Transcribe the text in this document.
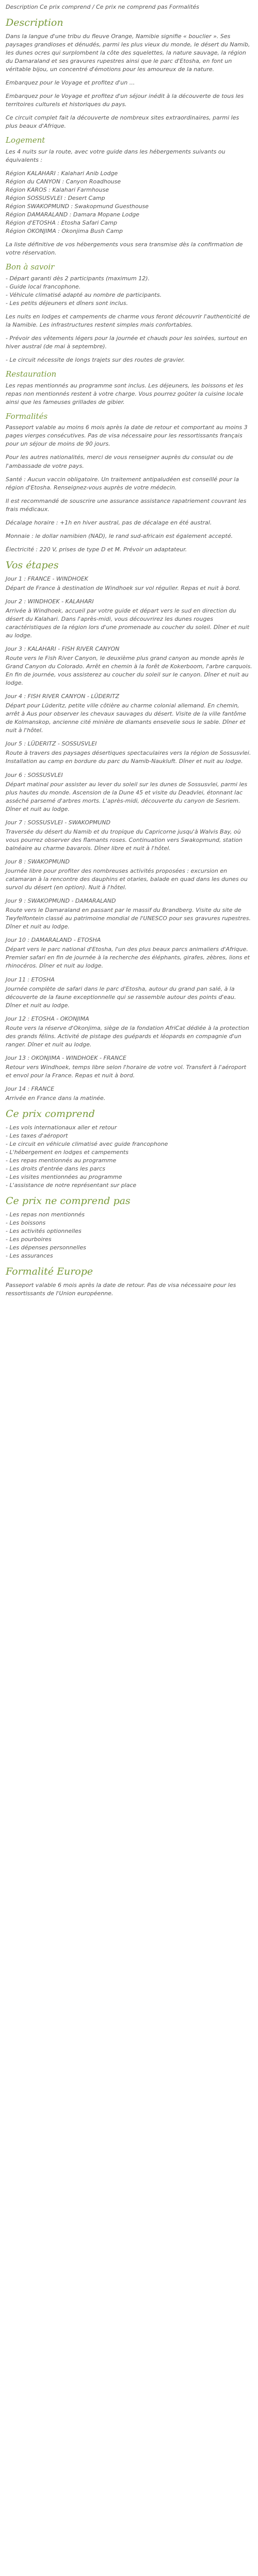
Description Ce prix comprend / Ce prix ne comprend pas Formalités

Description

Dans la langue d'une tribu du fleuve Orange, Namibie signifie « bouclier ». Ses paysages grandioses et dénudés, parmi les plus vieux du monde, le désert du Namib, les dunes ocres qui surplombent la côte des squelettes, la nature sauvage, la région du Damaraland et ses gravures rupestres ainsi que le parc d'Etosha, en font un véritable bijou, un concentré d'émotions pour les amoureux de la nature.

Embarquez pour le Voyage et profitez d'un ...

Embarquez pour le Voyage et profitez d'un séjour inédit à la découverte de tous les territoires culturels et historiques du pays.

Ce circuit complet fait la découverte de nombreux sites extraordinaires, parmi les plus beaux d'Afrique.

Logement

Les 4 nuits sur la route, avec votre guide dans les hébergements suivants ou équivalents :

Région KALAHARI : Kalahari Anib Lodge
Région du CANYON : Canyon Roadhouse
Région KAROS : Kalahari Farmhouse
Région SOSSUSVLEI : Desert Camp
Région SWAKOPMUND : Swakopmund Guesthouse
Région DAMARALAND : Damara Mopane Lodge
Région d'ETOSHA : Etosha Safari Camp
Région OKONJIMA : Okonjima Bush Camp

La liste définitive de vos hébergements vous sera transmise dès la confirmation de votre réservation.

Bon à savoir
- Départ garanti dès 2 participants (maximum 12).
- Guide local francophone.
- Véhicule climatisé adapté au nombre de participants.
- Les petits déjeuners et dîners sont inclus.

Les nuits en lodges et campements de charme vous feront découvrir l'authenticité de la Namibie. Les infrastructures restent simples mais confortables.

- Prévoir des vêtements légers pour la journée et chauds pour les soirées, surtout en hiver austral (de mai à septembre).

- Le circuit nécessite de longs trajets sur des routes de gravier.

Restauration

Les repas mentionnés au programme sont inclus. Les déjeuners, les boissons et les repas non mentionnés restent à votre charge. Vous pourrez goûter la cuisine locale ainsi que les fameuses grillades de gibier.

Formalités

Passeport valable au moins 6 mois après la date de retour et comportant au moins 3 pages vierges consécutives. Pas de visa nécessaire pour les ressortissants français pour un séjour de moins de 90 jours.

Pour les autres nationalités, merci de vous renseigner auprès du consulat ou de l'ambassade de votre pays.

Santé : Aucun vaccin obligatoire. Un traitement antipaludéen est conseillé pour la région d'Etosha. Renseignez-vous auprès de votre médecin.

Il est recommandé de souscrire une assurance assistance rapatriement couvrant les frais médicaux.

Décalage horaire : +1h en hiver austral, pas de décalage en été austral.

Monnaie : le dollar namibien (NAD), le rand sud-africain est également accepté.

Électricité : 220 V, prises de type D et M. Prévoir un adaptateur.

Vos étapes

Jour 1 : FRANCE - WINDHOEK

Départ de France à destination de Windhoek sur vol régulier. Repas et nuit à bord.

Jour 2 : WINDHOEK - KALAHARI

Arrivée à Windhoek, accueil par votre guide et départ vers le sud en direction du désert du Kalahari. Dans l'après-midi, vous découvrirez les dunes rouges caractéristiques de la région lors d'une promenade au coucher du soleil. Dîner et nuit au lodge.

Jour 3 : KALAHARI - FISH RIVER CANYON

Route vers le Fish River Canyon, le deuxième plus grand canyon au monde après le Grand Canyon du Colorado. Arrêt en chemin à la forêt de Kokerboom, l'arbre carquois. En fin de journée, vous assisterez au coucher du soleil sur le canyon. Dîner et nuit au lodge.

Jour 4 : FISH RIVER CANYON - LÜDERITZ

Départ pour Lüderitz, petite ville côtière au charme colonial allemand. En chemin, arrêt à Aus pour observer les chevaux sauvages du désert. Visite de la ville fantôme de Kolmanskop, ancienne cité minière de diamants ensevelie sous le sable. Dîner et nuit à l'hôtel.

Jour 5 : LÜDERITZ - SOSSUSVLEI

Route à travers des paysages désertiques spectaculaires vers la région de Sossusvlei. Installation au camp en bordure du parc du Namib-Naukluft. Dîner et nuit au lodge.

Jour 6 : SOSSUSVLEI

Départ matinal pour assister au lever du soleil sur les dunes de Sossusvlei, parmi les plus hautes du monde. Ascension de la Dune 45 et visite du Deadvlei, étonnant lac asséché parsemé d'arbres morts. L'après-midi, découverte du canyon de Sesriem. Dîner et nuit au lodge.

Jour 7 : SOSSUSVLEI - SWAKOPMUND

Traversée du désert du Namib et du tropique du Capricorne jusqu'à Walvis Bay, où vous pourrez observer des flamants roses. Continuation vers Swakopmund, station balnéaire au charme bavarois. Dîner libre et nuit à l'hôtel.

Jour 8 : SWAKOPMUND

Journée libre pour profiter des nombreuses activités proposées : excursion en catamaran à la rencontre des dauphins et otaries, balade en quad dans les dunes ou survol du désert (en option). Nuit à l'hôtel.

Jour 9 : SWAKOPMUND - DAMARALAND

Route vers le Damaraland en passant par le massif du Brandberg. Visite du site de Twyfelfontein classé au patrimoine mondial de l'UNESCO pour ses gravures rupestres. Dîner et nuit au lodge.

Jour 10 : DAMARALAND - ETOSHA

Départ vers le parc national d'Etosha, l'un des plus beaux parcs animaliers d'Afrique. Premier safari en fin de journée à la recherche des éléphants, girafes, zèbres, lions et rhinocéros. Dîner et nuit au lodge.

Jour 11 : ETOSHA

Journée complète de safari dans le parc d'Etosha, autour du grand pan salé, à la découverte de la faune exceptionnelle qui se rassemble autour des points d'eau. Dîner et nuit au lodge.

Jour 12 : ETOSHA - OKONJIMA

Route vers la réserve d'Okonjima, siège de la fondation AfriCat dédiée à la protection des grands félins. Activité de pistage des guépards et léopards en compagnie d'un ranger. Dîner et nuit au lodge.

Jour 13 : OKONJIMA - WINDHOEK - FRANCE

Retour vers Windhoek, temps libre selon l'horaire de votre vol. Transfert à l'aéroport et envol pour la France. Repas et nuit à bord.

Jour 14 : FRANCE

Arrivée en France dans la matinée.

Ce prix comprend
- Les vols internationaux aller et retour
- Les taxes d'aéroport
- Le circuit en véhicule climatisé avec guide francophone
- L'hébergement en lodges et campements
- Les repas mentionnés au programme
- Les droits d'entrée dans les parcs
- Les visites mentionnées au programme
- L'assistance de notre représentant sur place
Ce prix ne comprend pas
- Les repas non mentionnés
- Les boissons
- Les activités optionnelles
- Les pourboires
- Les dépenses personnelles
- Les assurances
Formalité Europe

Passeport valable 6 mois après la date de retour. Pas de visa nécessaire pour les ressortissants de l'Union européenne.
